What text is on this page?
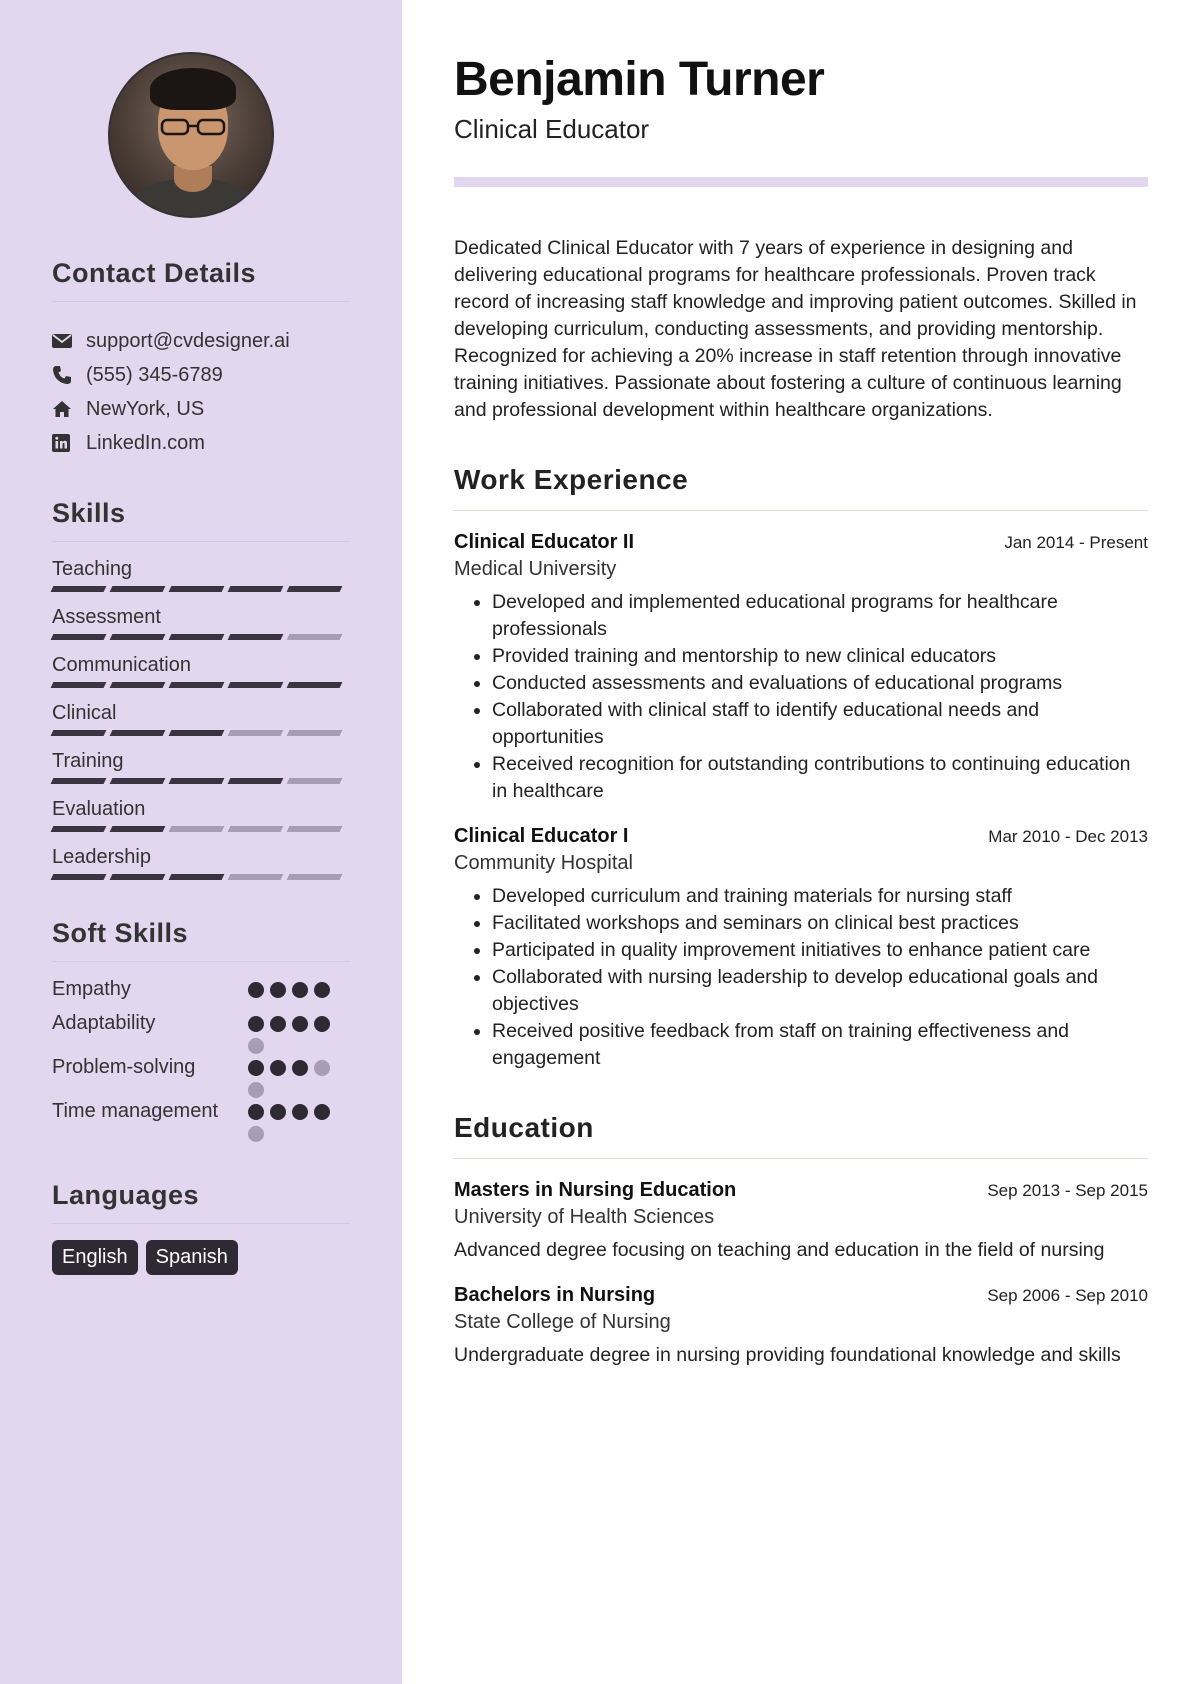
Contact Details
support@cvdesigner.ai
(555) 345-6789
NewYork, US
LinkedIn.com
Skills
Teaching
Assessment
Communication
Clinical
Training
Evaluation
Leadership
Soft Skills
Empathy
Adaptability
Problem-solving
Time management
Languages
English	Spanish
Benjamin Turner
Clinical Educator

Dedicated Clinical Educator with 7 years of experience in designing and delivering educational programs for healthcare professionals. Proven track record of increasing staff knowledge and improving patient outcomes. Skilled in developing curriculum, conducting assessments, and providing mentorship. Recognized for achieving a 20% increase in staff retention through innovative training initiatives. Passionate about fostering a culture of continuous learning and professional development within healthcare organizations.

Work Experience
Clinical Educator II	Jan 2014 - Present
Medical University
• Developed and implemented educational programs for healthcare professionals
• Provided training and mentorship to new clinical educators
• Conducted assessments and evaluations of educational programs
• Collaborated with clinical staff to identify educational needs and opportunities
• Received recognition for outstanding contributions to continuing education in healthcare
Clinical Educator I	Mar 2010 - Dec 2013
Community Hospital
• Developed curriculum and training materials for nursing staff
• Facilitated workshops and seminars on clinical best practices
• Participated in quality improvement initiatives to enhance patient care
• Collaborated with nursing leadership to develop educational goals and objectives
• Received positive feedback from staff on training effectiveness and engagement
Education
Masters in Nursing Education	Sep 2013 - Sep 2015
University of Health Sciences

Advanced degree focusing on teaching and education in the field of nursing

Bachelors in Nursing	Sep 2006 - Sep 2010
State College of Nursing

Undergraduate degree in nursing providing foundational knowledge and skills
